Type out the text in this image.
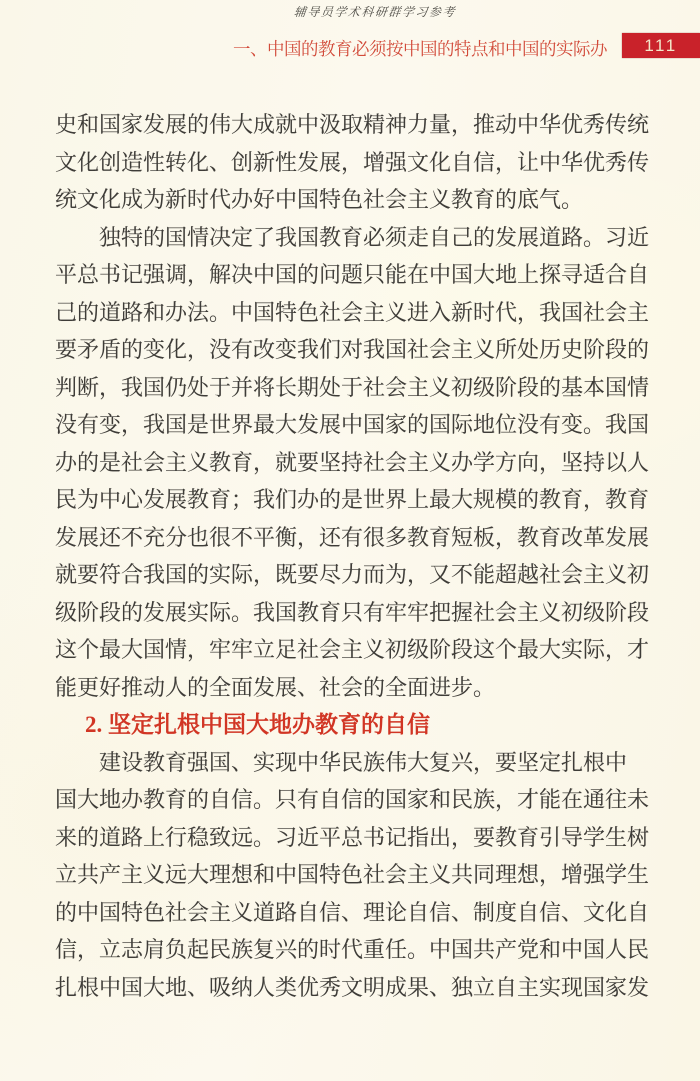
辅导员学术科研群学习参考
一、中国的教育必须按中国的特点和中国的实际办 111
史和国家发展的伟大成就中汲取精神力量，推动中华优秀传统
文化创造性转化、创新性发展，增强文化自信，让中华优秀传
统文化成为新时代办好中国特色社会主义教育的底气。
独特的国情决定了我国教育必须走自己的发展道路。习近
平总书记强调，解决中国的问题只能在中国大地上探寻适合自
己的道路和办法。中国特色社会主义进入新时代，我国社会主
要矛盾的变化，没有改变我们对我国社会主义所处历史阶段的
判断，我国仍处于并将长期处于社会主义初级阶段的基本国情
没有变，我国是世界最大发展中国家的国际地位没有变。我国
办的是社会主义教育，就要坚持社会主义办学方向，坚持以人
民为中心发展教育；我们办的是世界上最大规模的教育，教育
发展还不充分也很不平衡，还有很多教育短板，教育改革发展
就要符合我国的实际，既要尽力而为，又不能超越社会主义初
级阶段的发展实际。我国教育只有牢牢把握社会主义初级阶段
这个最大国情，牢牢立足社会主义初级阶段这个最大实际，才
能更好推动人的全面发展、社会的全面进步。
2. 坚定扎根中国大地办教育的自信
建设教育强国、实现中华民族伟大复兴，要坚定扎根中
国大地办教育的自信。只有自信的国家和民族，才能在通往未
来的道路上行稳致远。习近平总书记指出，要教育引导学生树
立共产主义远大理想和中国特色社会主义共同理想，增强学生
的中国特色社会主义道路自信、理论自信、制度自信、文化自
信，立志肩负起民族复兴的时代重任。中国共产党和中国人民
扎根中国大地、吸纳人类优秀文明成果、独立自主实现国家发
